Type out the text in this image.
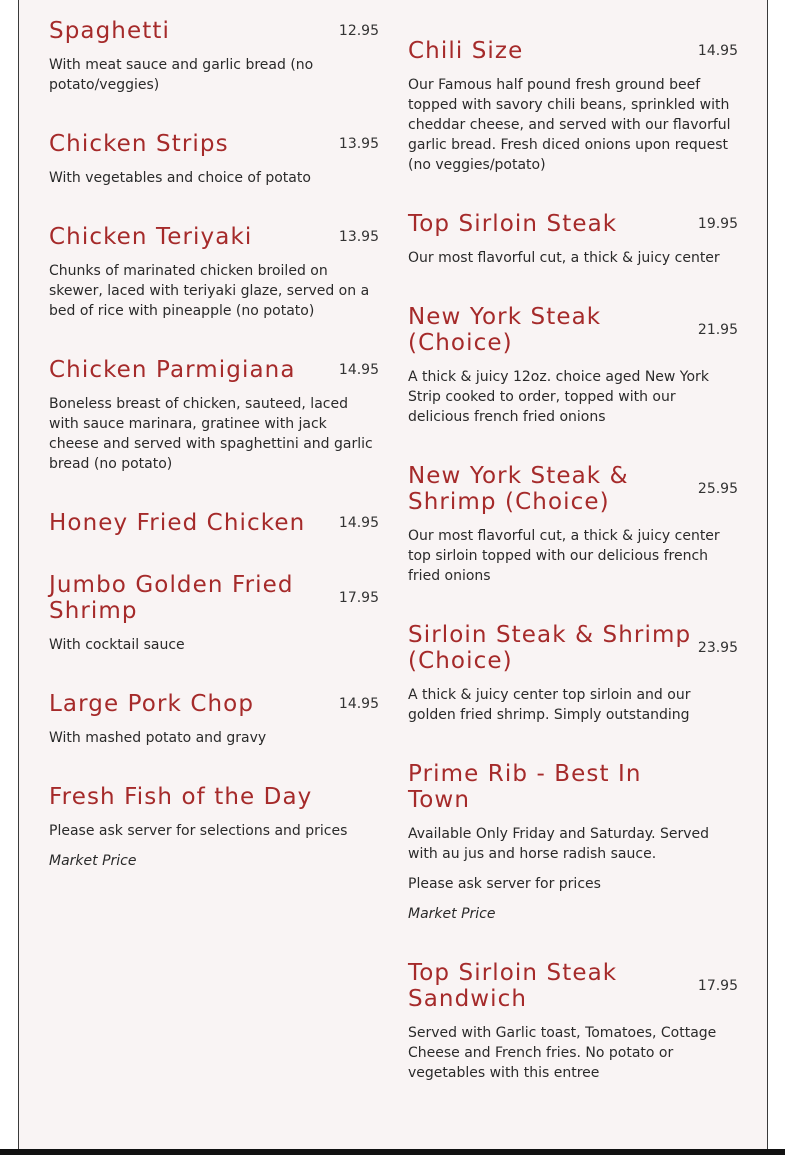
Spaghetti	12.95
With meat sauce and garlic bread (no potato/veggies)
Chicken Strips	13.95
With vegetables and choice of potato
Chicken Teriyaki	13.95
Chunks of marinated chicken broiled on skewer, laced with teriyaki glaze, served on a bed of rice with pineapple (no potato)
Chicken Parmigiana	14.95
Boneless breast of chicken, sauteed, laced with sauce marinara, gratinee with jack cheese and served with spaghettini and garlic bread (no potato)
Honey Fried Chicken 14.95
Jumbo Golden Fried Shrimp	17.95
With cocktail sauce
Large Pork Chop	14.95
With mashed potato and gravy
Fresh Fish of the Day
Please ask server for selections and prices
Market Price
Chili Size	14.95
Our Famous half pound fresh ground beef topped with savory chili beans, sprinkled with cheddar cheese, and served with our flavorful garlic bread. Fresh diced onions upon request (no veggies/potato)
Top Sirloin Steak	19.95
Our most flavorful cut, a thick & juicy center
New York Steak (Choice)	21.95
A thick & juicy 12oz. choice aged New York Strip cooked to order, topped with our delicious french fried onions
New York Steak & Shrimp (Choice)	25.95
Our most flavorful cut, a thick & juicy center top sirloin topped with our delicious french fried onions
Sirloin Steak & Shrimp (Choice)	23.95
A thick & juicy center top sirloin and our golden fried shrimp. Simply outstanding
Prime Rib - Best In Town
Available Only Friday and Saturday. Served with au jus and horse radish sauce.
Please ask server for prices
Market Price
Top Sirloin Steak Sandwich	17.95
Served with Garlic toast, Tomatoes, Cottage Cheese and French fries. No potato or vegetables with this entree
